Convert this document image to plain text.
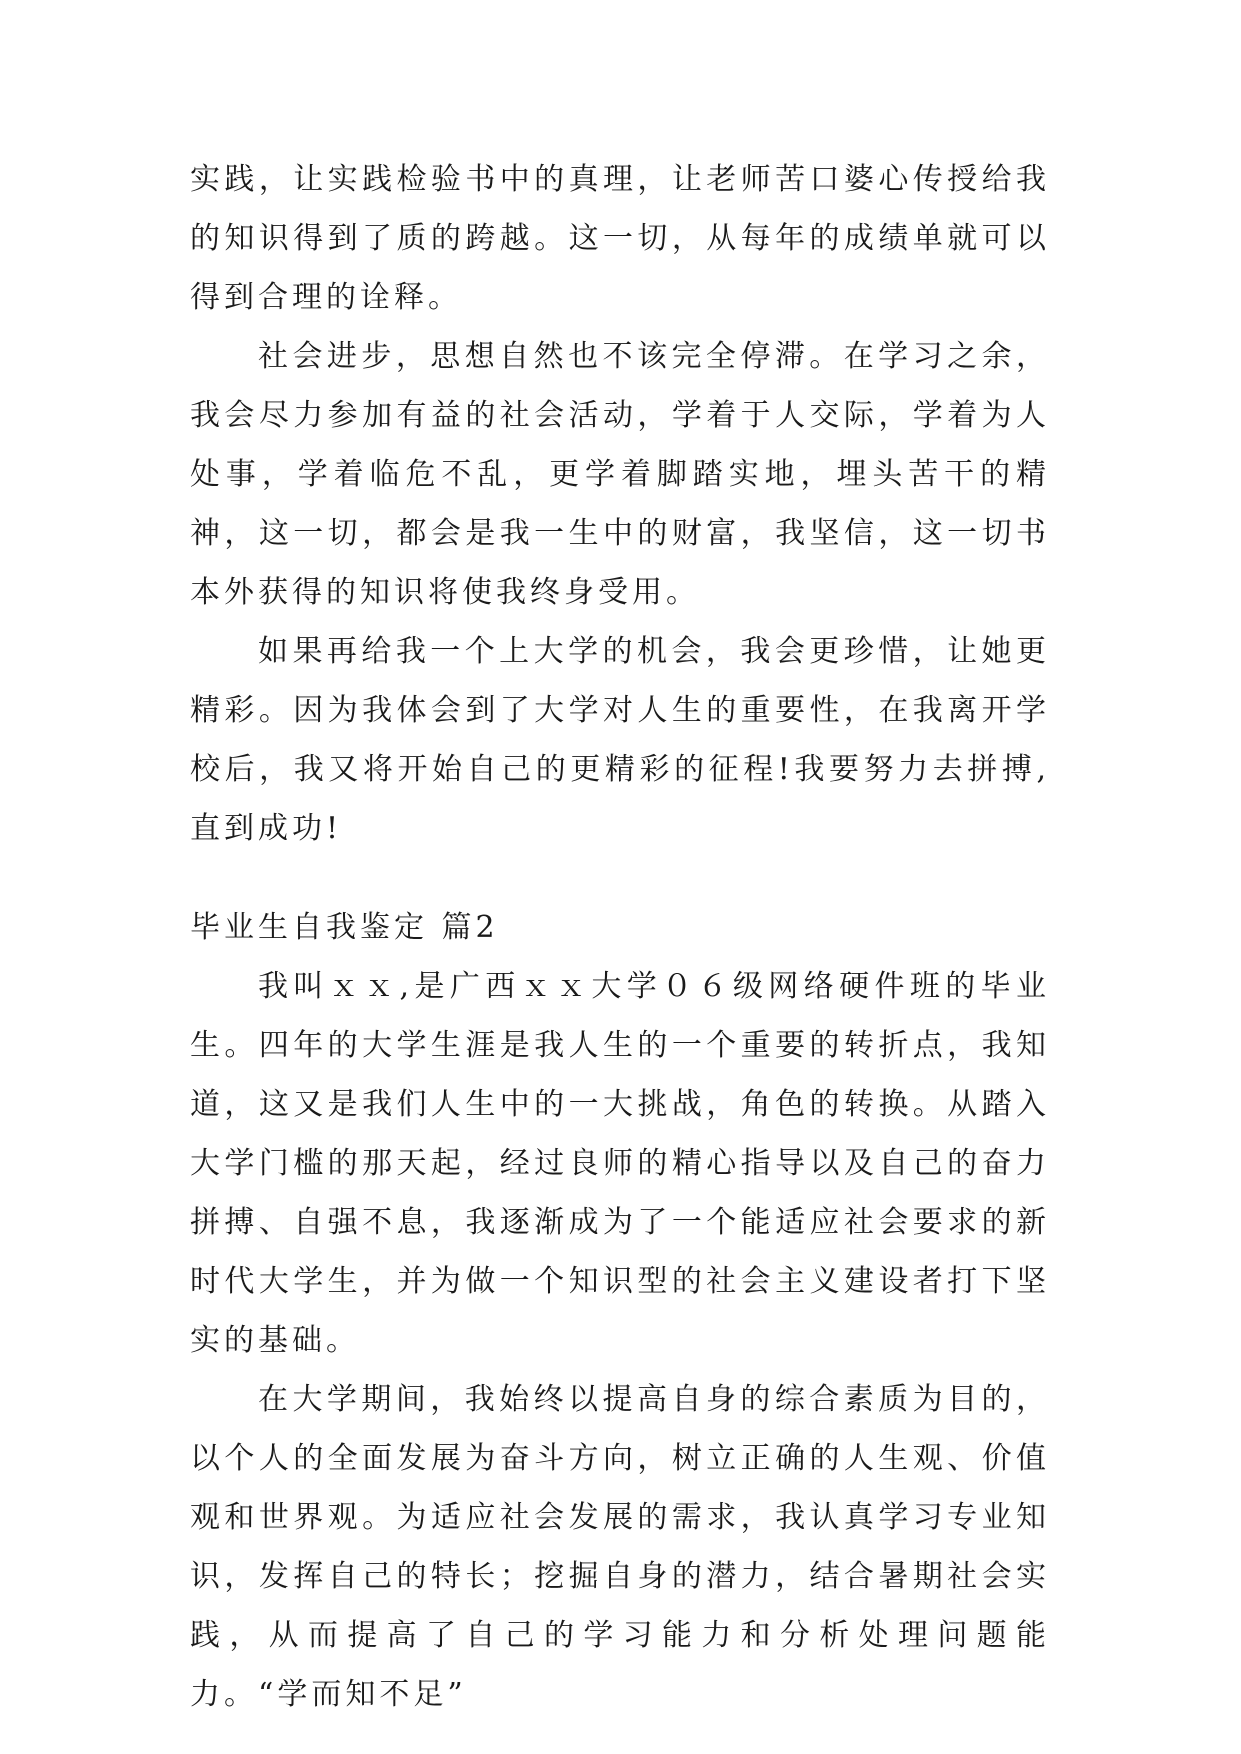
实践，让实践检验书中的真理，让老师苦口婆心传授给我的知识得到了质的跨越。这一切，从每年的成绩单就可以得到合理的诠释。

社会进步，思想自然也不该完全停滞。在学习之余，我会尽力参加有益的社会活动，学着于人交际，学着为人处事，学着临危不乱，更学着脚踏实地，埋头苦干的精神，这一切，都会是我一生中的财富，我坚信，这一切书本外获得的知识将使我终身受用。

如果再给我一个上大学的机会，我会更珍惜，让她更精彩。因为我体会到了大学对人生的重要性，在我离开学校后，我又将开始自己的更精彩的征程!我要努力去拼搏,直到成功!

毕业生自我鉴定 篇2

我叫ｘｘ,是广西ｘｘ大学０６级网络硬件班的毕业生。四年的大学生涯是我人生的一个重要的转折点，我知道，这又是我们人生中的一大挑战，角色的转换。从踏入大学门槛的那天起，经过良师的精心指导以及自己的奋力拼搏、自强不息，我逐渐成为了一个能适应社会要求的新时代大学生，并为做一个知识型的社会主义建设者打下坚实的基础。

在大学期间，我始终以提高自身的综合素质为目的，以个人的全面发展为奋斗方向，树立正确的人生观、价值观和世界观。为适应社会发展的需求，我认真学习专业知识，发挥自己的特长；挖掘自身的潜力，结合暑期社会实践，从而提高了自己的学习能力和分析处理问题能力。“学而知不足”
